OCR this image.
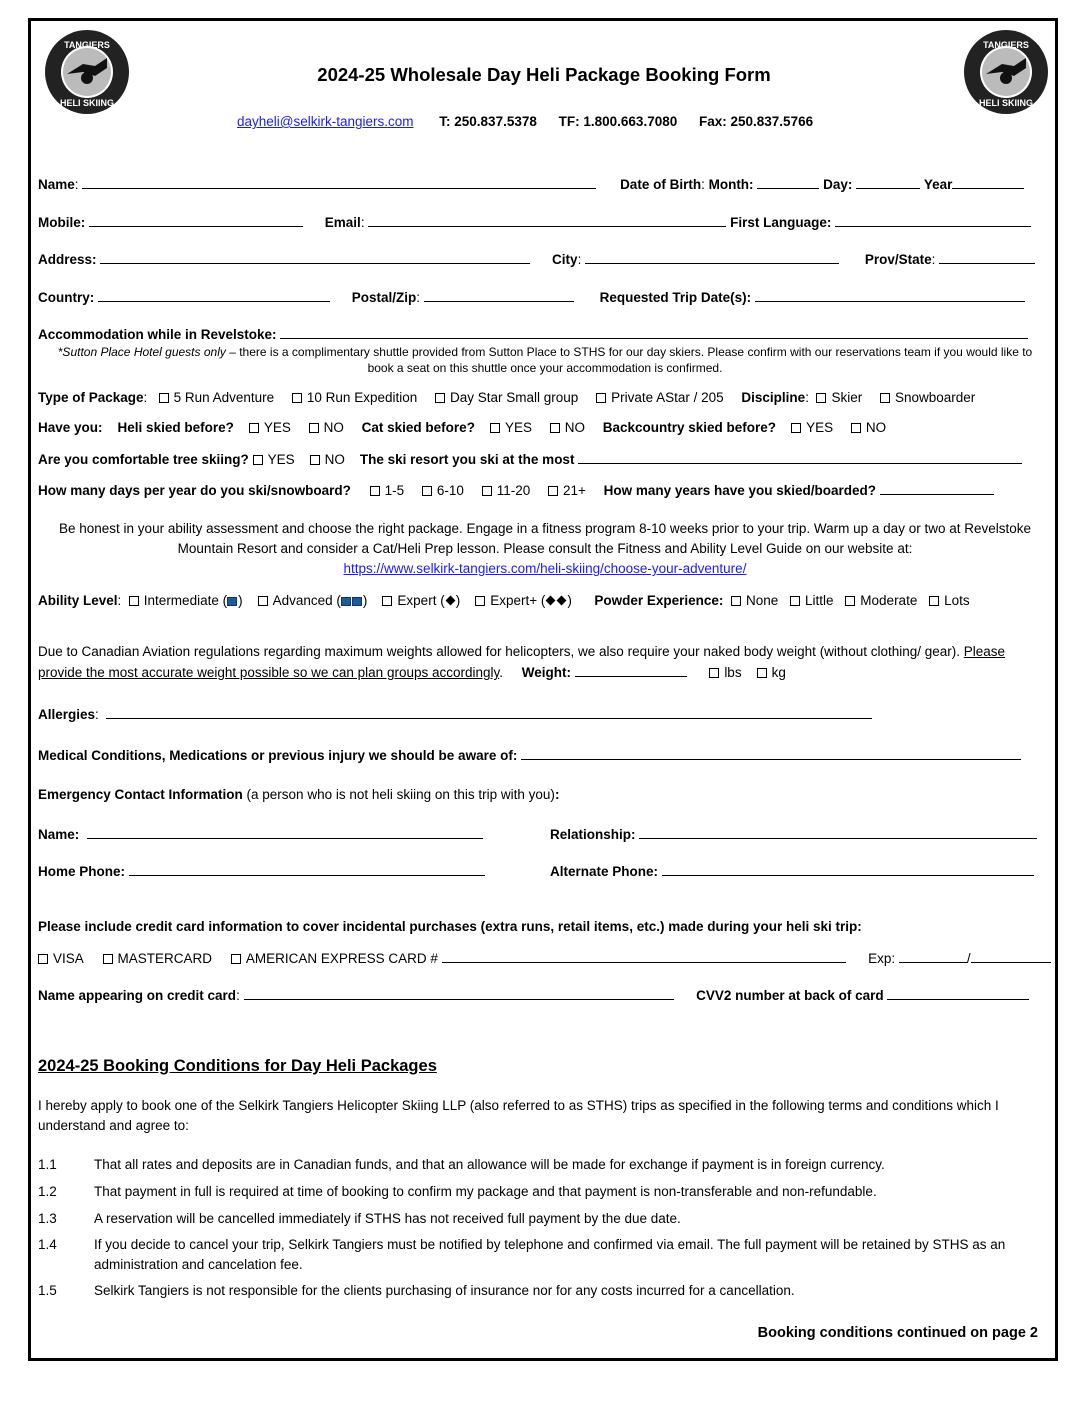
TANGIERS
HELI SKIING
TANGIERS
HELI SKIING
2024-25 Wholesale Day Heli Package Booking Form
dayheli@selkirk-tangiers.com T: 250.837.5378 TF: 1.800.663.7080 Fax: 250.837.5766
Name:	Date of Birth: Month:	Day:	Year
Mobile:	Email:	First Language:
Address:	City:	Prov/State:
Country:	Postal/Zip:	Requested Trip Date(s):
Accommodation while in Revelstoke:
*Sutton Place Hotel guests only – there is a complimentary shuttle provided from Sutton Place to STHS for our day skiers. Please confirm with our reservations team if you would like to book a seat on this shuttle once your accommodation is confirmed.
Type of Package:   5 Run Adventure 10 Run Expedition Day Star Small group Private AStar / 205 Discipline:  Skier Snowboarder
Have you: Heli skied before? YES NO Cat skied before? YES NO Backcountry skied before? YES NO
Are you comfortable tree skiing? YES NO The ski resort you ski at the most
How many days per year do you ski/snowboard?	1-5 6-10 11-20 21+ How many years have you skied/boarded?
Be honest in your ability assessment and choose the right package. Engage in a fitness program 8-10 weeks prior to your trip. Warm up a day or two at Revelstoke Mountain Resort and consider a Cat/Heli Prep lesson. Please consult the Fitness and Ability Level Guide on our website at:
https://www.selkirk-tangiers.com/heli-skiing/choose-your-adventure/
Ability Level:  Intermediate ( ) Advanced ( ) Expert ( ) Expert+ ( ) Powder Experience: None Little Moderate Lots
Due to Canadian Aviation regulations regarding maximum weights allowed for helicopters, we also require your naked body weight (without clothing/ gear). Please provide the most accurate weight possible so we can plan groups accordingly.     Weight:	lbs kg
Allergies:
Medical Conditions, Medications or previous injury we should be aware of:
Emergency Contact Information (a person who is not heli skiing on this trip with you):
Name:	Relationship:
Home Phone:	Alternate Phone:
Please include credit card information to cover incidental purchases (extra runs, retail items, etc.) made during your heli ski trip:
VISA	MASTERCARD	AMERICAN EXPRESS CARD #	Exp:	/
Name appearing on credit card:	CVV2 number at back of card
2024-25 Booking Conditions for Day Heli Packages
I hereby apply to book one of the Selkirk Tangiers Helicopter Skiing LLP (also referred to as STHS) trips as specified in the following terms and conditions which I understand and agree to:
1.1	That all rates and deposits are in Canadian funds, and that an allowance will be made for exchange if payment is in foreign currency.
1.2	That payment in full is required at time of booking to confirm my package and that payment is non-transferable and non-refundable.
1.3	A reservation will be cancelled immediately if STHS has not received full payment by the due date.
1.4	If you decide to cancel your trip, Selkirk Tangiers must be notified by telephone and confirmed via email. The full payment will be retained by STHS as an administration and cancelation fee.
1.5	Selkirk Tangiers is not responsible for the clients purchasing of insurance nor for any costs incurred for a cancellation.
Booking conditions continued on page 2
